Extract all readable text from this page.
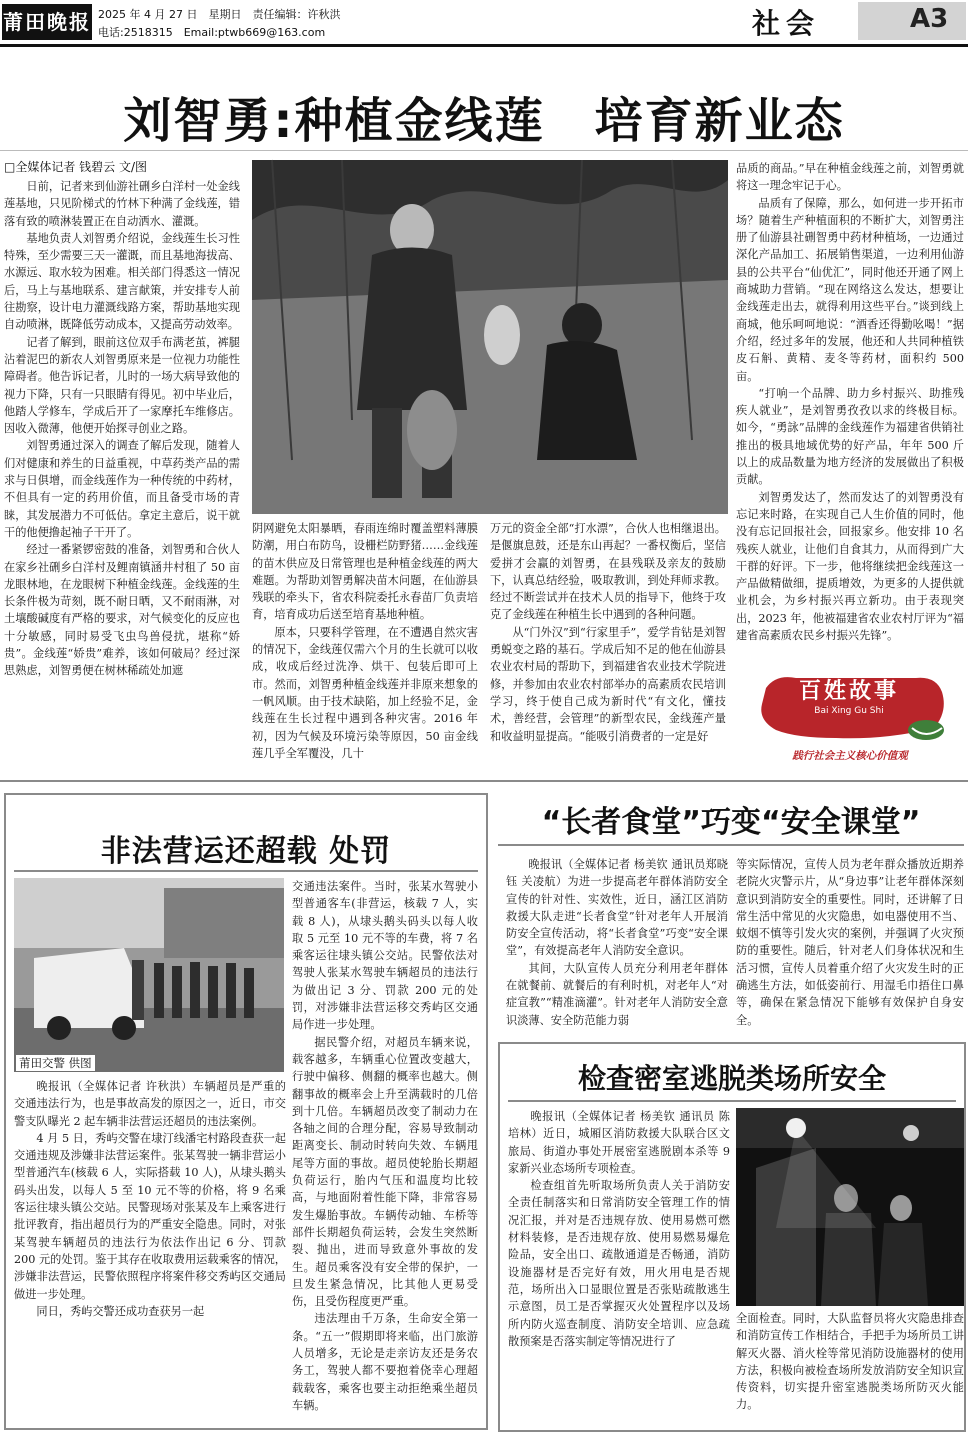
莆田晚报 2025 年 4 月 27 日　星期日　责任编辑：许秋洪
电话:2518315　Email:ptwb669@163.com	社会	A3
刘智勇:种植金线莲　培育新业态
□全媒体记者 钱碧云 文/图

日前，记者来到仙游社硎乡白洋村一处金线莲基地，只见阶梯式的竹林下种满了金线莲，错落有致的喷淋装置正在自动洒水、灌溉。

基地负责人刘智勇介绍说，金线莲生长习性特殊，至少需要三天一灌溉，而且基地海拔高、水源远、取水较为困难。相关部门得悉这一情况后，马上与基地联系、建言献策，并安排专人前往勘察，设计电力灌溉线路方案，帮助基地实现自动喷淋，既降低劳动成本，又提高劳动效率。

记者了解到，眼前这位双手布满老茧，裤腿沾着泥巴的新农人刘智勇原来是一位视力功能性障碍者。他告诉记者，儿时的一场大病导致他的视力下降，只有一只眼睛有得见。初中毕业后，他踏人学修车，学成后开了一家摩托车维修店。因收入微薄，他便开始探寻创业之路。

刘智勇通过深入的调查了解后发现，随着人们对健康和养生的日益重视，中草药类产品的需求与日俱增，而金线莲作为一种传统的中药材，不但具有一定的药用价值，而且备受市场的青睐，其发展潜力不可低估。拿定主意后，说干就干的他便撸起袖子干开了。

经过一番紧锣密鼓的准备，刘智勇和合伙人在家乡社硎乡白洋村及鲤南镇涵井村租了 50 亩龙眼林地，在龙眼树下种植金线莲。金线莲的生长条件极为苛刻，既不耐日晒，又不耐雨淋，对土壤酸碱度有严格的要求，对气候变化的反应也十分敏感，同时易受飞虫鸟兽侵扰，堪称“娇贵”。金线莲“娇贵”难养，该如何破局？经过深思熟虑，刘智勇便在树林稀疏处加遮

阴网避免太阳暴晒，春雨连绵时覆盖塑料薄膜防潮，用白布防鸟，设栅栏防野猪……金线莲的苗木供应及日常管理也是种植金线莲的两大难题。为帮助刘智勇解决苗木问题，在仙游县残联的牵头下，省农科院委托永春苗厂负责培育，培育成功后送至培育基地种植。

原本，只要科学管理，在不遭遇自然灾害的情况下，金线莲仅需六个月的生长就可以收成，收成后经过洗净、烘干、包装后即可上市。然而，刘智勇种植金线莲并非原来想象的一帆风顺。由于技术缺陷，加上经验不足，金线莲在生长过程中遇到各种灾害。2016 年初，因为气候及环境污染等原因，50 亩金线莲几乎全军覆没，几十

万元的资金全部“打水漂”，合伙人也相继退出。是偃旗息鼓，还是东山再起？一番权衡后，坚信爱拼才会赢的刘智勇，在县残联及亲友的鼓励下，认真总结经验，吸取教训，到处拜师求教。经过不断尝试并在技术人员的指导下，他终于攻克了金线莲在种植生长中遇到的各种问题。

从“门外汉”到“行家里手”，爱学肯钻是刘智勇蜕变之路的基石。学成后知不足的他在仙游县农业农村局的帮助下，到福建省农业技术学院进修，并参加由农业农村部举办的高素质农民培训学习，终于使自己成为新时代“有文化，懂技术，善经营，会管理”的新型农民，金线莲产量和收益明显提高。“能吸引消费者的一定是好

品质的商品。”早在种植金线莲之前，刘智勇就将这一理念牢记于心。

品质有了保障，那么，如何进一步开拓市场？随着生产种植面积的不断扩大，刘智勇注册了仙游县社硎智勇中药材种植场，一边通过深化产品加工、拓展销售渠道，一边利用仙游县的公共平台“仙优汇”，同时他还开通了网上商城助力营销。“现在网络这么发达，想要让金线莲走出去，就得利用这些平台。”谈到线上商城，他乐呵呵地说：“酒香还得勤吆喝！”据介绍，经过多年的发展，他还和人共同种植铁皮石斛、黄精、麦冬等药材，面积约 500 亩。

“打响一个品牌、助力乡村振兴、助推残疾人就业”，是刘智勇孜孜以求的终极目标。如今，“勇詠”品牌的金线莲作为福建省供销社推出的极具地域优势的好产品，年年 500 斤以上的成品数量为地方经济的发展做出了积极贡献。

刘智勇发达了，然而发达了的刘智勇没有忘记来时路，在实现自己人生价值的同时，他没有忘记回报社会，回报家乡。他安排 10 名残疾人就业，让他们自食其力，从而得到广大干群的好评。下一步，他将继续把金线莲这一产品做精做细，提质增效，为更多的人提供就业机会，为乡村振兴再立新功。由于表现突出，2023 年，他被福建省农业农村厅评为“福建省高素质农民乡村振兴先锋”。

百姓故事
Bai Xing Gu Shi
践行社会主义核心价值观
非法营运还超载 处罚
莆田交警 供图

晚报讯（全媒体记者 许秋洪）车辆超员是严重的交通违法行为，也是事故高发的原因之一，近日，市交警支队曝光 2 起车辆非法营运还超员的违法案例。

4 月 5 日，秀屿交警在埭汀线潘宅村路段查获一起交通违规及涉嫌非法营运案件。张某驾驶一辆非营运小型普通汽车(核载 6 人，实际搭载 10 人)，从埭头鹅头码头出发，以每人 5 至 10 元不等的价格，将 9 名乘客运往埭头镇公交站。民警现场对张某及车上乘客进行批评教育，指出超员行为的严重安全隐患。同时，对张某驾驶车辆超员的违法行为依法作出记 6 分、罚款 200 元的处罚。鉴于其存在收取费用运载乘客的情况，涉嫌非法营运，民警依照程序将案件移交秀屿区交通局做进一步处理。

同日，秀屿交警还成功查获另一起

交通违法案件。当时，张某水驾驶小型普通客车(非营运，核载 7 人，实载 8 人)，从埭头鹅头码头以每人收取 5 元至 10 元不等的车费，将 7 名乘客运往埭头镇公交站。民警依法对驾驶人张某水驾驶车辆超员的违法行为做出记 3 分、罚款 200 元的处罚，对涉嫌非法营运移交秀屿区交通局作进一步处理。

据民警介绍，对超员车辆来说，载客越多，车辆重心位置改变越大，行驶中偏移、侧翻的概率也越大。侧翻事故的概率会上升至满载时的几倍到十几倍。车辆超员改变了制动力在各轴之间的合理分配，容易导致制动距离变长、制动时转向失效、车辆甩尾等方面的事故。超员使轮胎长期超负荷运行，胎内气压和温度均比较高，与地面附着性能下降，非常容易发生爆胎事故。车辆传动轴、车桥等部件长期超负荷运转，会发生突然断裂、抛出，进而导致意外事故的发生。超员乘客没有安全带的保护，一旦发生紧急情况，比其他人更易受伤，且受伤程度更严重。

违法理由千万条，生命安全第一条。“五一”假期即将来临，出门旅游人员增多，无论是走亲访友还是务农务工，驾驶人都不要抱着侥幸心理超载载客，乘客也要主动拒绝乘坐超员车辆。

“长者食堂”巧变“安全课堂”

晚报讯（全媒体记者 杨美钦 通讯员郑晓钰 关凌航）为进一步提高老年群体消防安全宣传的针对性、实效性，近日，涵江区消防救援大队走进“长者食堂”针对老年人开展消防安全宣传活动，将“长者食堂”巧变“安全课堂”，有效提高老年人消防安全意识。

其间，大队宣传人员充分利用老年群体在就餐前、就餐后的有利时机，对老年人“对症宣教”“精准滴灌”。针对老年人消防安全意识淡薄、安全防范能力弱

等实际情况，宣传人员为老年群众播放近期养老院火灾警示片，从“身边事”让老年群体深刻意识到消防安全的重要性。同时，还讲解了日常生活中常见的火灾隐患，如电器使用不当、蚊烟不慎等引发火灾的案例，并强调了火灾预防的重要性。随后，针对老人们身体状况和生活习惯，宣传人员着重介绍了火灾发生时的正确逃生方法，如低姿前行、用湿毛巾捂住口鼻等，确保在紧急情况下能够有效保护自身安全。

检查密室逃脱类场所安全

晚报讯（全媒体记者 杨美钦 通讯员 陈培林）近日，城厢区消防救援大队联合区文旅局、街道办事处开展密室逃脱剧本杀等 9 家新兴业态场所专项检查。

检查组首先听取场所负责人关于消防安全责任制落实和日常消防安全管理工作的情况汇报，并对是否违规存放、使用易燃可燃材料装修，是否违规存放、使用易燃易爆危险品，安全出口、疏散通道是否畅通，消防设施器材是否完好有效，用火用电是否规范，场所出入口显眼位置是否张贴疏散逃生示意图，员工是否掌握灭火处置程序以及场所内防火巡查制度、消防安全培训、应急疏散预案是否落实制定等情况进行了

全面检查。同时，大队监督员将火灾隐患排查和消防宣传工作相结合，手把手为场所员工讲解灭火器、消火栓等常见消防设施器材的使用方法，积极向被检查场所发放消防安全知识宣传资料，切实提升密室逃脱类场所防灭火能力。
